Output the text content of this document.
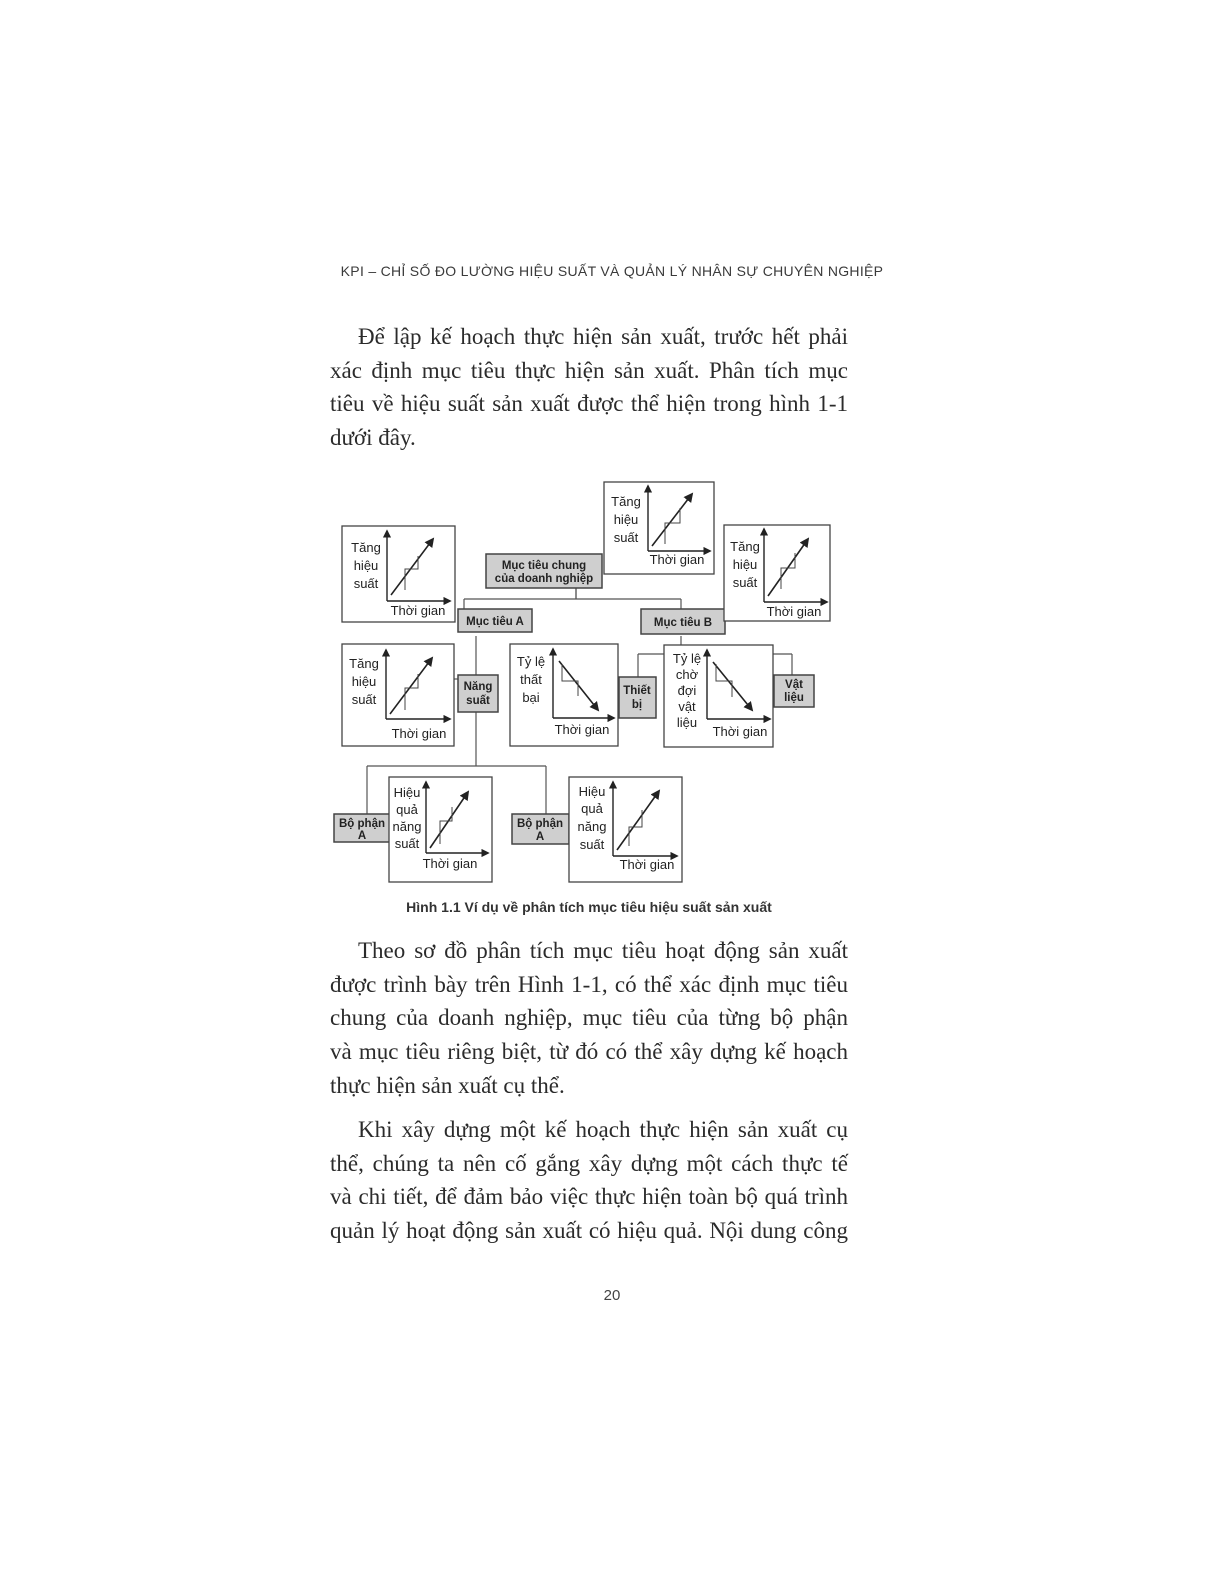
KPI – CHỈ SỐ ĐO LƯỜNG HIỆU SUẤT VÀ QUẢN LÝ NHÂN SỰ CHUYÊN NGHIỆP

Để lập kế hoạch thực hiện sản xuất, trước hết phải
xác định mục tiêu thực hiện sản xuất. Phân tích mục
tiêu về hiệu suất sản xuất được thể hiện trong hình 1-1
dưới đây.

Mục tiêu chung
của doanh nghiệp
Mục tiêu A	Mục tiêu B
Năng
suất
Thiết
bị
Vật
liệu
Bộ phận
A
Bộ phận
A
Tăng
hiệu
suất
Thời gian
Tăng
hiệu
suất
Thời gian
Tăng
hiệu
suất
Thời gian
Tăng
hiệu
suất
Thời gian
Tỷ lệ
thất
bại
Thời gian
Tỷ lệ
chờ
đợi
vật
liệu
Thời gian
Hiệu
quả
năng
suất
Thời gian
Hiệu
quả
năng
suất
Thời gian
Hình 1.1 Ví dụ về phân tích mục tiêu hiệu suất sản xuất

Theo sơ đồ phân tích mục tiêu hoạt động sản xuất
được trình bày trên Hình 1-1, có thể xác định mục tiêu
chung của doanh nghiệp, mục tiêu của từng bộ phận
và mục tiêu riêng biệt, từ đó có thể xây dựng kế hoạch
thực hiện sản xuất cụ thể.

Khi xây dựng một kế hoạch thực hiện sản xuất cụ
thể, chúng ta nên cố gắng xây dựng một cách thực tế
và chi tiết, để đảm bảo việc thực hiện toàn bộ quá trình
quản lý hoạt động sản xuất có hiệu quả. Nội dung công

20
